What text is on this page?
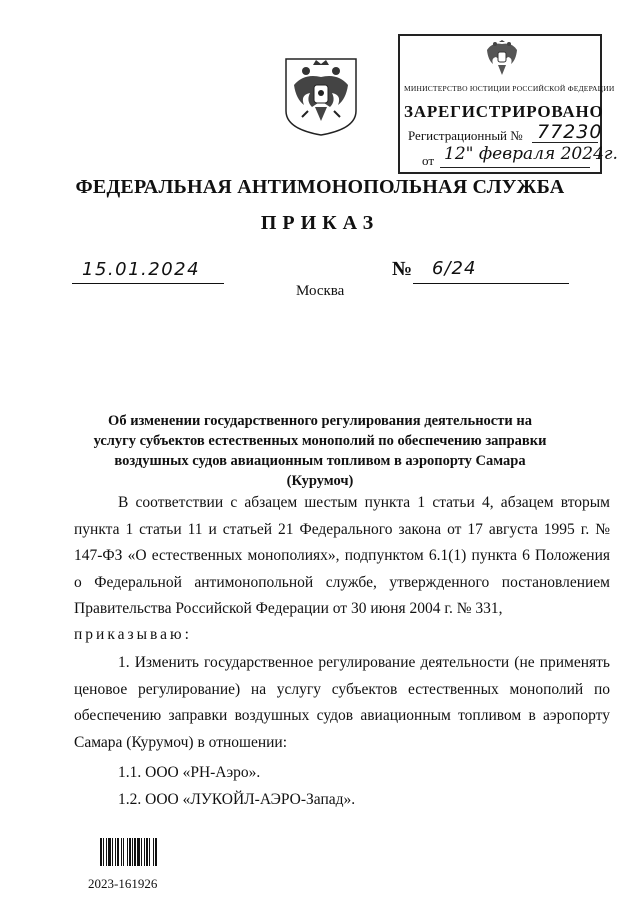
МИНИСТЕРСТВО ЮСТИЦИИ РОССИЙСКОЙ ФЕДЕРАЦИИ
ЗАРЕГИСТРИРОВАНО
Регистрационный № 77230
от 12" февраля 2024г.
ФЕДЕРАЛЬНАЯ АНТИМОНОПОЛЬНАЯ СЛУЖБА
ПРИКАЗ
15.01.2024	№ 6/24
Москва
Об изменении государственного регулирования деятельности на услугу субъектов естественных монополий по обеспечению заправки воздушных судов авиационным топливом в аэропорту Самара (Курумоч)
В соответствии с абзацем шестым пункта 1 статьи 4, абзацем вторым пункта 1 статьи 11 и статьей 21 Федерального закона от 17 августа 1995 г. № 147-ФЗ «О естественных монополиях», подпунктом 6.1(1) пункта 6 Положения о Федеральной антимонопольной службе, утвержденного постановлением Правительства Российской Федерации от 30 июня 2004 г. № 331,
приказываю:
1. Изменить государственное регулирование деятельности (не применять ценовое регулирование) на услугу субъектов естественных монополий по обеспечению заправки воздушных судов авиационным топливом в аэропорту Самара (Курумоч) в отношении:
1.1. ООО «РН-Аэро».
1.2. ООО «ЛУКОЙЛ-АЭРО-Запад».
2023-161926
